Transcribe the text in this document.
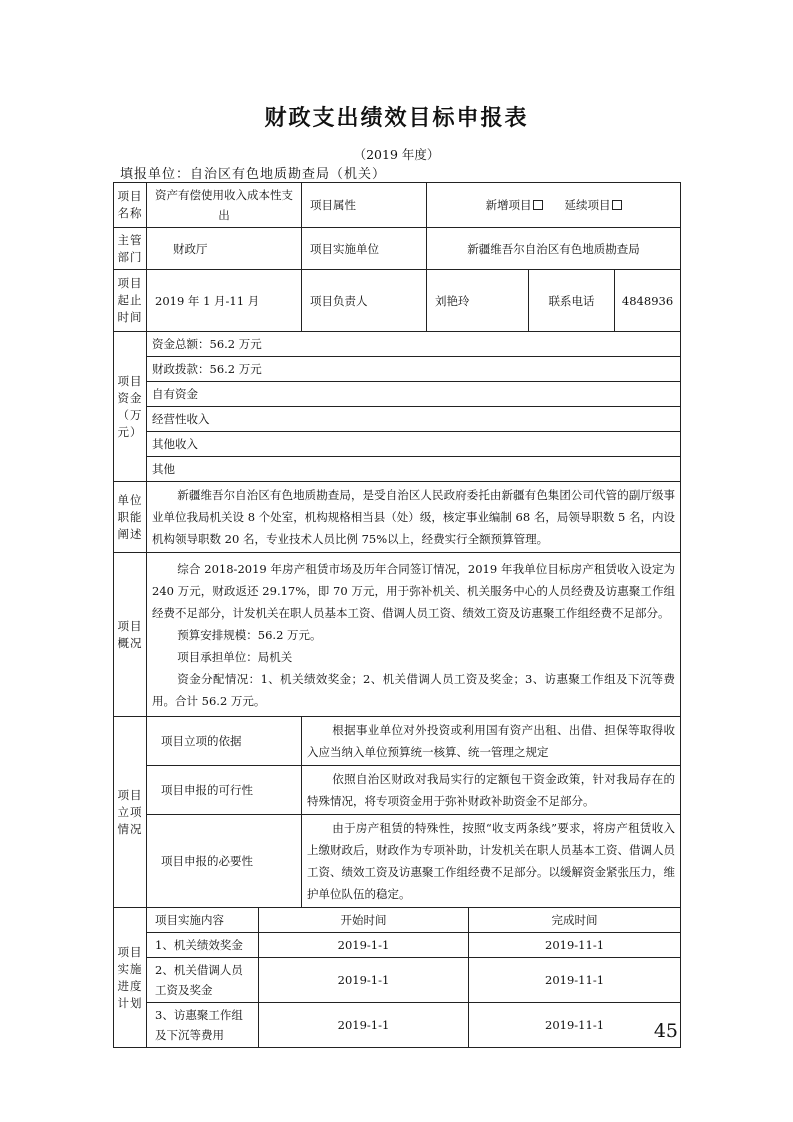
财政支出绩效目标申报表
（2019 年度）
填报单位：自治区有色地质勘查局（机关）
项目名称	资产有偿使用收入成本性支出		项目属性	新增项目 延续项目			
主管部门	财政厅		项目实施单位	新疆维吾尔自治区有色地质勘查局			
项目起止时间	2019 年 1 月-11 月		项目负责人	刘艳玲		联系电话	4848936
项目资金（万元）	资金总额：56.2 万元						
	财政拨款：56.2 万元						
	自有资金						
	经营性收入						
	其他收入						
	其他						
单位职能阐述	新疆维吾尔自治区有色地质勘查局，是受自治区人民政府委托由新疆有色集团公司代管的副厅级事业单位我局机关设 8 个处室，机构规格相当县（处）级，核定事业编制 68 名，局领导职数 5 名，内设机构领导职数 20 名，专业技术人员比例 75%以上，经费实行全额预算管理。						
项目概况	综合 2018-2019 年房产租赁市场及历年合同签订情况，2019 年我单位目标房产租赁收入设定为 240 万元，财政返还 29.17%，即 70 万元，用于弥补机关、机关服务中心的人员经费及访惠聚工作组经费不足部分，计发机关在职人员基本工资、借调人员工资、绩效工资及访惠聚工作组经费不足部分。
预算安排规模：56.2 万元。
项目承担单位：局机关
资金分配情况：1、机关绩效奖金；2、机关借调人员工资及奖金；3、访惠聚工作组及下沉等费用。合计 56.2 万元。						

项目立项情况	项目立项的依据		根据事业单位对外投资或利用国有资产出租、出借、担保等取得收入应当纳入单位预算统一核算、统一管理之规定				
	项目申报的可行性		依照自治区财政对我局实行的定额包干资金政策，针对我局存在的特殊情况，将专项资金用于弥补财政补助资金不足部分。				
	项目申报的必要性		由于房产租赁的特殊性，按照“收支两条线”要求，将房产租赁收入上缴财政后，财政作为专项补助，计发机关在职人员基本工资、借调人员工资、绩效工资及访惠聚工作组经费不足部分。以缓解资金紧张压力，维护单位队伍的稳定。				
项目实施进度计划	项目实施内容	开始时间			完成时间		
	1、机关绩效奖金	2019-1-1			2019-11-1		
	2、机关借调人员工资及奖金	2019-1-1			2019-11-1		
	3、访惠聚工作组及下沉等费用	2019-1-1			2019-11-1			45
